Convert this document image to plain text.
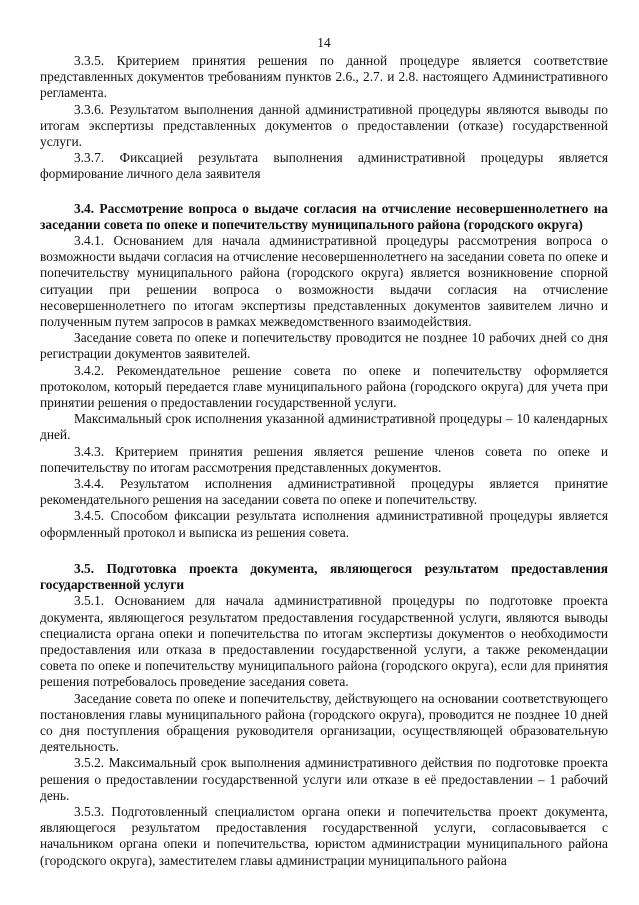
14

3.3.5. Критерием принятия решения по данной процедуре является соответствие представленных документов требованиям пунктов 2.6., 2.7. и 2.8. настоящего Административного регламента.

3.3.6. Результатом выполнения данной административной процедуры являются выводы по итогам экспертизы представленных документов о предоставлении (отказе) государственной услуги.

3.3.7. Фиксацией результата выполнения административной процедуры является формирование личного дела заявителя

3.4. Рассмотрение вопроса о выдаче согласия на отчисление несовершеннолетнего на заседании совета по опеке и попечительству муниципального района (городского округа)

3.4.1. Основанием для начала административной процедуры рассмотрения вопроса о возможности выдачи согласия на отчисление несовершеннолетнего на заседании совета по опеке и попечительству муниципального района (городского округа) является возникновение спорной ситуации при решении вопроса о возможности выдачи согласия на отчисление несовершеннолетнего по итогам экспертизы представленных документов заявителем лично и полученным путем запросов в рамках межведомственного взаимодействия.

Заседание совета по опеке и попечительству проводится не позднее 10 рабочих дней со дня регистрации документов заявителей.

3.4.2. Рекомендательное решение совета по опеке и попечительству оформляется протоколом, который передается главе муниципального района (городского округа) для учета при принятии решения о предоставлении государственной услуги.

Максимальный срок исполнения указанной административной процедуры – 10 календарных дней.

3.4.3. Критерием принятия решения является решение членов совета по опеке и попечительству по итогам рассмотрения представленных документов.

3.4.4. Результатом исполнения административной процедуры является принятие рекомендательного решения на заседании совета по опеке и попечительству.

3.4.5. Способом фиксации результата исполнения административной процедуры является оформленный протокол и выписка из решения совета.

3.5. Подготовка проекта документа, являющегося результатом предоставления государственной услуги

3.5.1. Основанием для начала административной процедуры по подготовке проекта документа, являющегося результатом предоставления государственной услуги, являются выводы специалиста органа опеки и попечительства по итогам экспертизы документов о необходимости предоставления или отказа в предоставлении государственной услуги, а также рекомендации совета по опеке и попечительству муниципального района (городского округа), если для принятия решения потребовалось проведение заседания совета.

Заседание совета по опеке и попечительству, действующего на основании соответствующего постановления главы муниципального района (городского округа), проводится не позднее 10 дней со дня поступления обращения руководителя организации, осуществляющей образовательную деятельность.

3.5.2. Максимальный срок выполнения административного действия по подготовке проекта решения о предоставлении государственной услуги или отказе в её предоставлении – 1 рабочий день.

3.5.3. Подготовленный специалистом органа опеки и попечительства проект документа, являющегося результатом предоставления государственной услуги, согласовывается с начальником органа опеки и попечительства, юристом администрации муниципального района (городского округа), заместителем главы администрации муниципального района
